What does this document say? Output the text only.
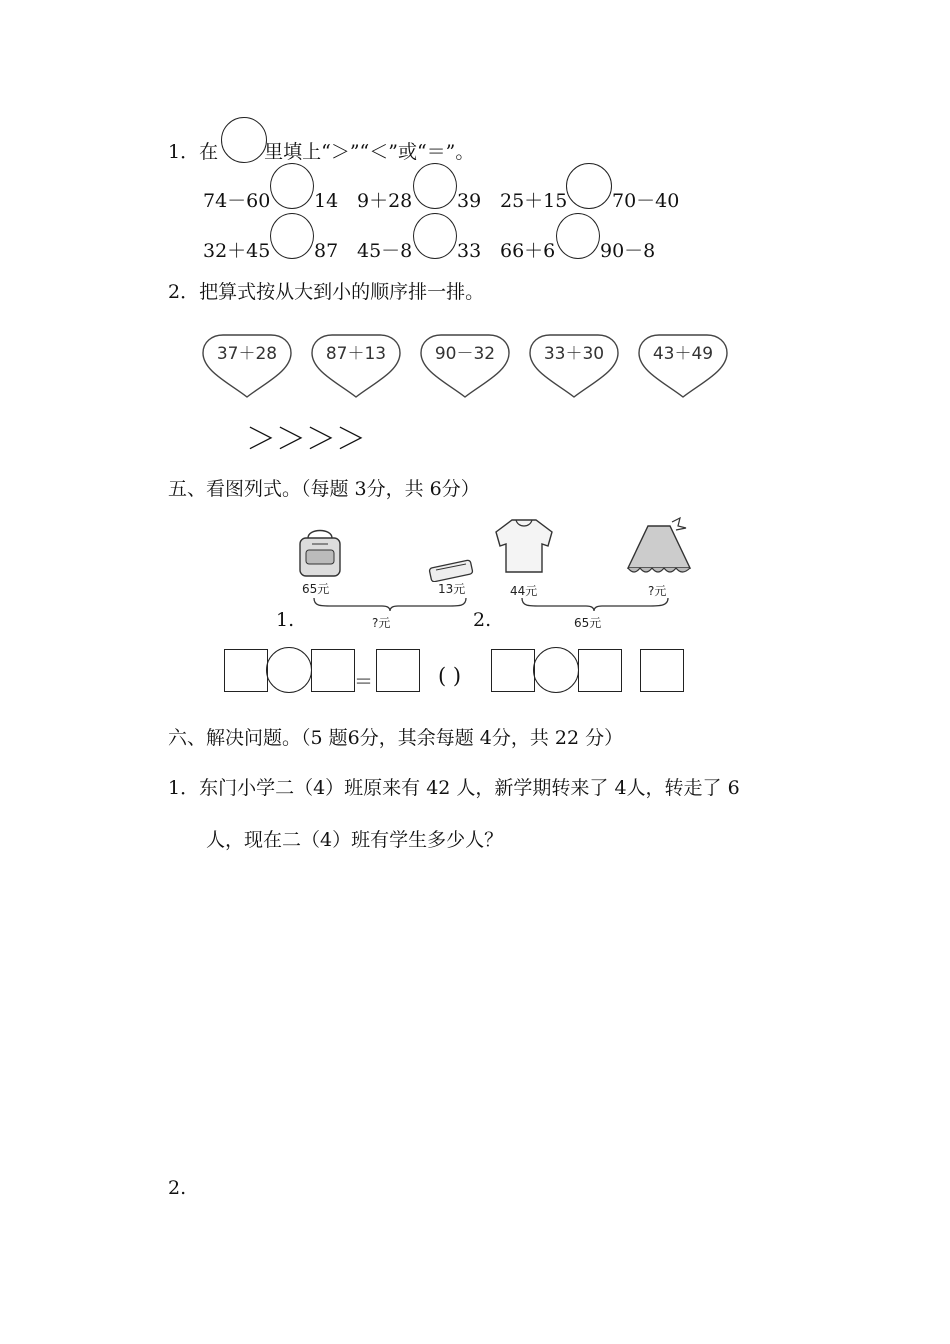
1．在 里填上“＞”“＜”或“＝”。
74－60 14 9＋28 39 25＋15 70－40
32＋45 87 45－8 33 66＋6 90－8
2．把算式按从大到小的顺序排一排。
37＋28	87＋13	90－32	33＋30	43＋49
＞＞＞＞
五、看图列式。（每题 3分，共 6分）
65元	13元
1.	?元
44元	?元
2.	65元
＝	( )
六、解决问题。（5 题6分，其余每题 4分，共 22 分）
1．东门小学二（4）班原来有 42 人，新学期转来了 4人，转走了 6
人，现在二（4）班有学生多少人？
2.
